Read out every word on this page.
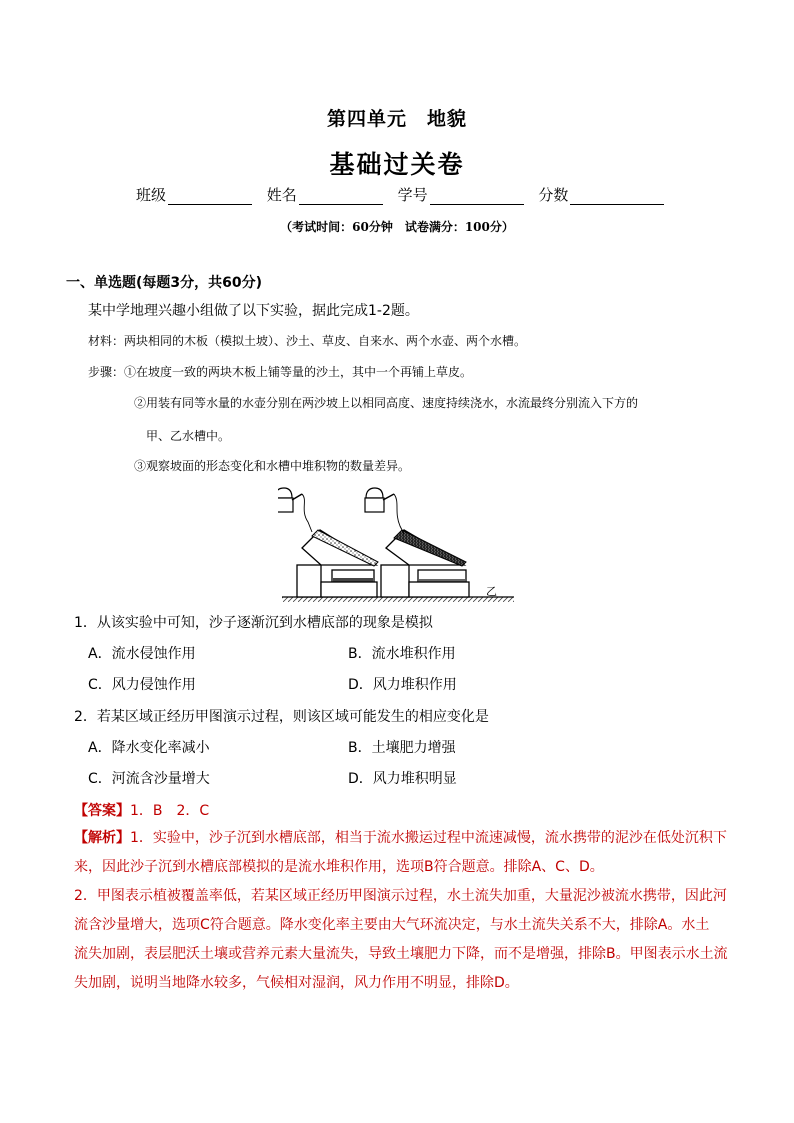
第四单元　地貌
基础过关卷
班级	姓名	学号	分数
（考试时间：60分钟　试卷满分：100分）
一、单选题(每题3分，共60分)
某中学地理兴趣小组做了以下实验，据此完成1-2题。
材料：两块相同的木板（模拟土坡）、沙土、草皮、自来水、两个水壶、两个水槽。
步骤：①在坡度一致的两块木板上铺等量的沙土，其中一个再铺上草皮。
②用装有同等水量的水壶分别在两沙坡上以相同高度、速度持续浇水，水流最终分别流入下方的
甲、乙水槽中。
③观察坡面的形态变化和水槽中堆积物的数量差异。
乙
1．从该实验中可知，沙子逐渐沉到水槽底部的现象是模拟
A．流水侵蚀作用	B．流水堆积作用
C．风力侵蚀作用	D．风力堆积作用
2．若某区域正经历甲图演示过程，则该区域可能发生的相应变化是
A．降水变化率减小	B．土壤肥力增强
C．河流含沙量增大	D．风力堆积明显
【答案】1．B　2．C
【解析】1．实验中，沙子沉到水槽底部，相当于流水搬运过程中流速减慢，流水携带的泥沙在低处沉积下
来，因此沙子沉到水槽底部模拟的是流水堆积作用，选项B符合题意。排除A、C、D。
2．甲图表示植被覆盖率低，若某区域正经历甲图演示过程，水土流失加重，大量泥沙被流水携带，因此河
流含沙量增大，选项C符合题意。降水变化率主要由大气环流决定，与水土流失关系不大，排除A。水土
流失加剧，表层肥沃土壤或营养元素大量流失，导致土壤肥力下降，而不是增强，排除B。甲图表示水土流
失加剧，说明当地降水较多，气候相对湿润，风力作用不明显，排除D。
